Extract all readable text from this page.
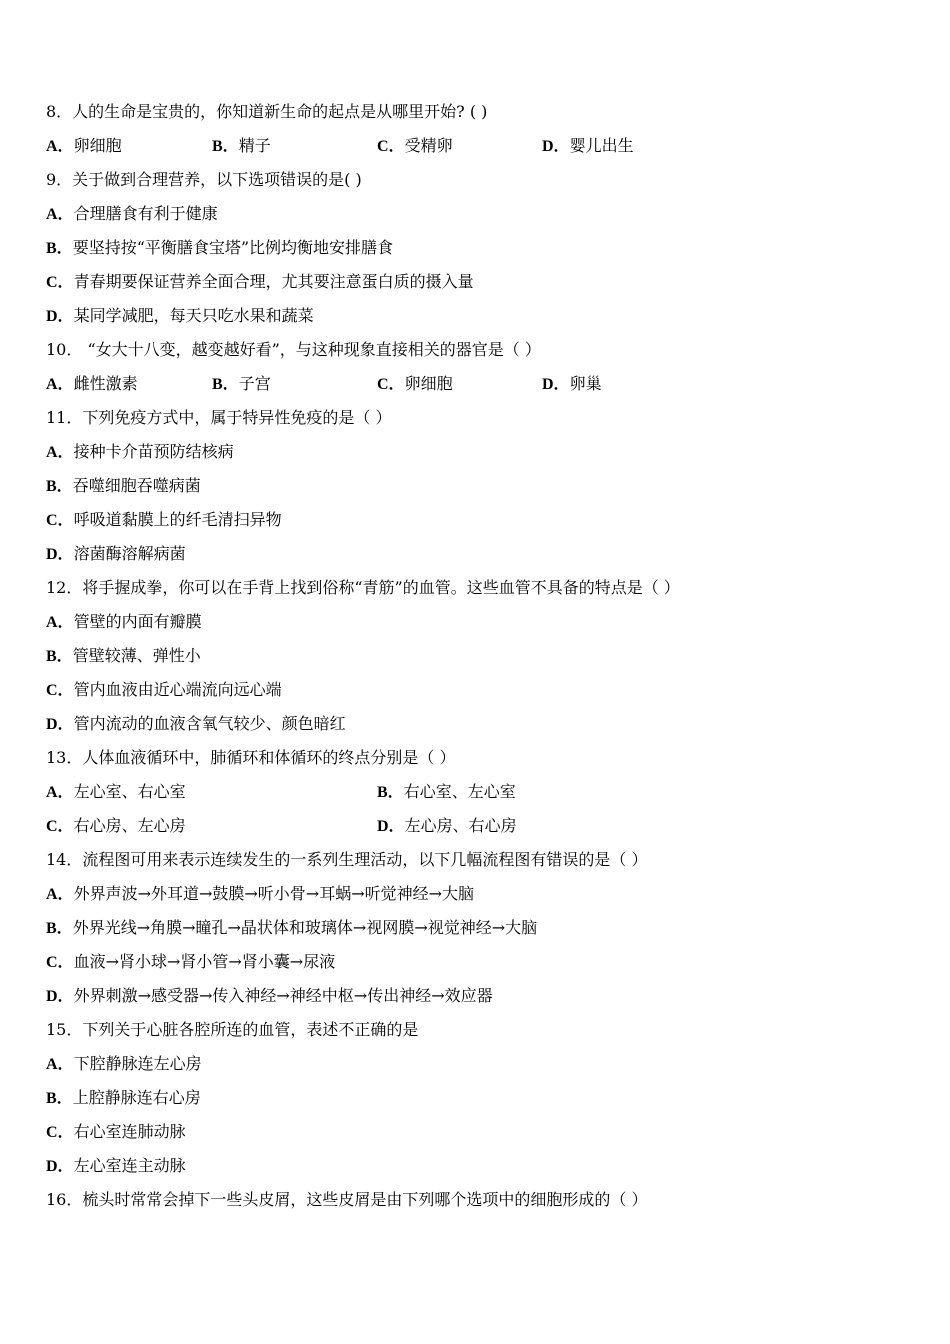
8．人的生命是宝贵的，你知道新生命的起点是从哪里开始? ( )
A．卵细胞	B．精子	C．受精卵	D．婴儿出生
9．关于做到合理营养，以下选项错误的是( )
A．合理膳食有利于健康
B．要坚持按“平衡膳食宝塔”比例均衡地安排膳食
C．青春期要保证营养全面合理，尤其要注意蛋白质的摄入量
D．某同学减肥，每天只吃水果和蔬菜
10． “女大十八变，越变越好看”，与这种现象直接相关的器官是（ ）
A．雌性激素	B．子宫	C．卵细胞	D．卵巢
11．下列免疫方式中，属于特异性免疫的是（ ）
A．接种卡介苗预防结核病
B．吞噬细胞吞噬病菌
C．呼吸道黏膜上的纤毛清扫异物
D．溶菌酶溶解病菌
12．将手握成拳，你可以在手背上找到俗称“青筋”的血管。这些血管不具备的特点是（ ）
A．管壁的内面有瓣膜
B．管壁较薄、弹性小
C．管内血液由近心端流向远心端
D．管内流动的血液含氧气较少、颜色暗红
13．人体血液循环中，肺循环和体循环的终点分别是（ ）
A．左心室、右心室	B．右心室、左心室
C．右心房、左心房	D．左心房、右心房
14．流程图可用来表示连续发生的一系列生理活动，以下几幅流程图有错误的是（ ）
A．外界声波→外耳道→鼓膜→听小骨→耳蜗→听觉神经→大脑
B．外界光线→角膜→瞳孔→晶状体和玻璃体→视网膜→视觉神经→大脑
C．血液→肾小球→肾小管→肾小囊→尿液
D．外界刺激→感受器→传入神经→神经中枢→传出神经→效应器
15．下列关于心脏各腔所连的血管，表述不正确的是
A．下腔静脉连左心房
B．上腔静脉连右心房
C．右心室连肺动脉
D．左心室连主动脉
16．梳头时常常会掉下一些头皮屑，这些皮屑是由下列哪个选项中的细胞形成的（ ）
